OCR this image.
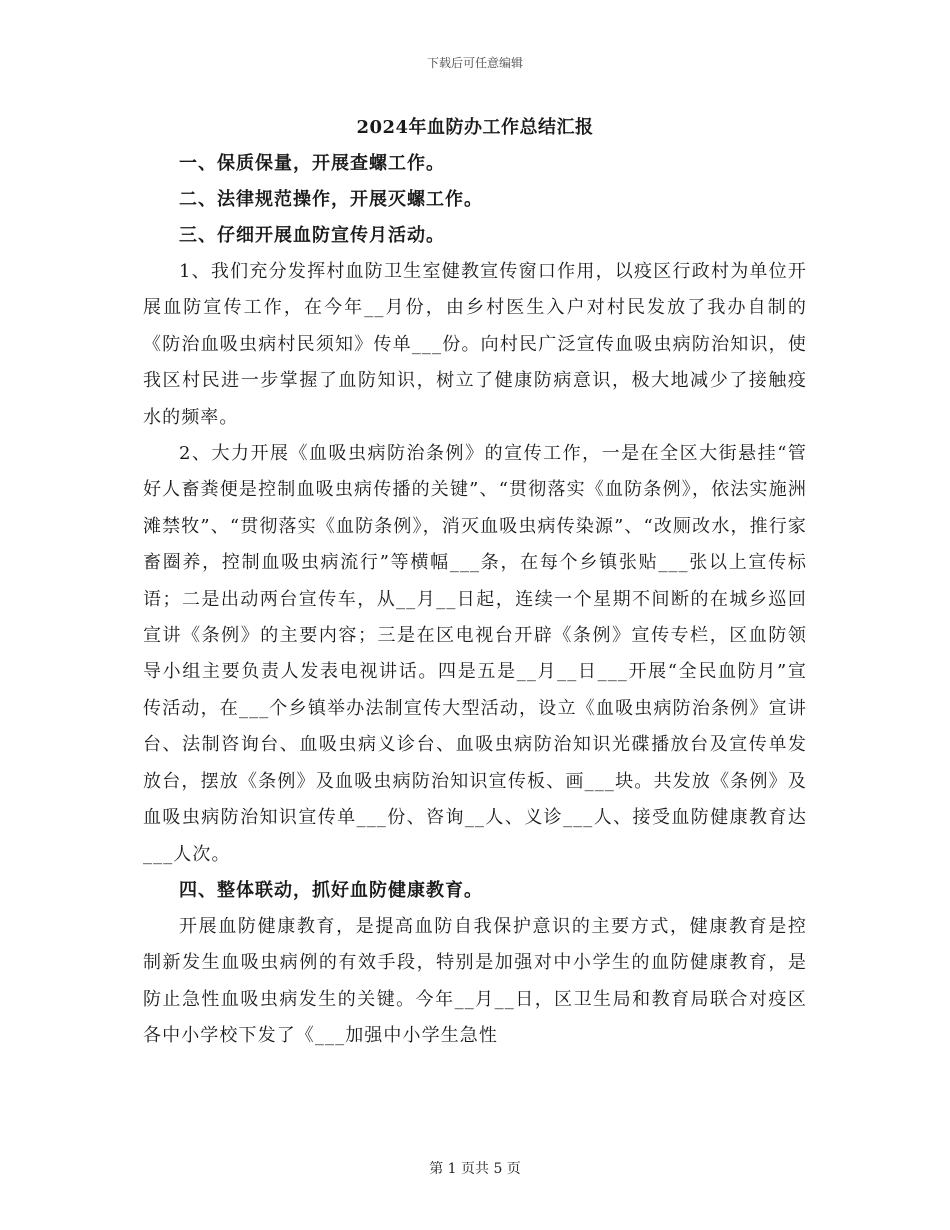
下载后可任意编辑

2024年血防办工作总结汇报

一、保质保量，开展查螺工作。

二、法律规范操作，开展灭螺工作。

三、仔细开展血防宣传月活动。

1、我们充分发挥村血防卫生室健教宣传窗口作用，以疫区行政村为单位开展血防宣传工作，在今年__月份，由乡村医生入户对村民发放了我办自制的《防治血吸虫病村民须知》传单___份。向村民广泛宣传血吸虫病防治知识，使我区村民进一步掌握了血防知识，树立了健康防病意识，极大地减少了接触疫水的频率。

2、大力开展《血吸虫病防治条例》的宣传工作，一是在全区大街悬挂“管好人畜粪便是控制血吸虫病传播的关键”、“贯彻落实《血防条例》，依法实施洲滩禁牧”、“贯彻落实《血防条例》，消灭血吸虫病传染源”、“改厕改水，推行家畜圈养，控制血吸虫病流行”等横幅___条，在每个乡镇张贴___张以上宣传标语；二是出动两台宣传车，从__月__日起，连续一个星期不间断的在城乡巡回宣讲《条例》的主要内容；三是在区电视台开辟《条例》宣传专栏，区血防领导小组主要负责人发表电视讲话。四是五是__月__日___开展“全民血防月”宣传活动，在___个乡镇举办法制宣传大型活动，设立《血吸虫病防治条例》宣讲台、法制咨询台、血吸虫病义诊台、血吸虫病防治知识光碟播放台及宣传单发放台，摆放《条例》及血吸虫病防治知识宣传板、画___块。共发放《条例》及血吸虫病防治知识宣传单___份、咨询__人、义诊___人、接受血防健康教育达___人次。

四、整体联动，抓好血防健康教育。

开展血防健康教育，是提高血防自我保护意识的主要方式，健康教育是控制新发生血吸虫病例的有效手段，特别是加强对中小学生的血防健康教育，是防止急性血吸虫病发生的关键。今年__月__日，区卫生局和教育局联合对疫区各中小学校下发了《___加强中小学生急性

第 1 页共 5 页
